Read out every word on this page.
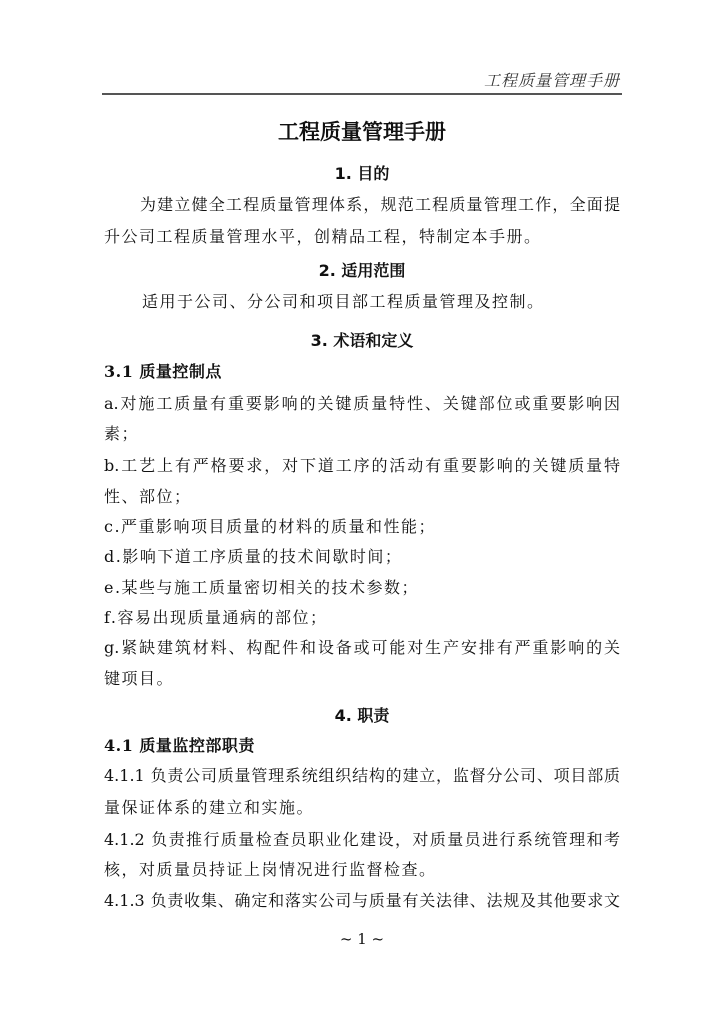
工程质量管理手册
工程质量管理手册
1. 目的
为建立健全工程质量管理体系，规范工程质量管理工作，全面提
升公司工程质量管理水平，创精品工程，特制定本手册。
2. 适用范围
适用于公司、分公司和项目部工程质量管理及控制。
3. 术语和定义
3.1 质量控制点
a.对施工质量有重要影响的关键质量特性、关键部位或重要影响因
素；
b.工艺上有严格要求，对下道工序的活动有重要影响的关键质量特
性、部位；
c.严重影响项目质量的材料的质量和性能；
d.影响下道工序质量的技术间歇时间；
e.某些与施工质量密切相关的技术参数；
f.容易出现质量通病的部位；
g.紧缺建筑材料、构配件和设备或可能对生产安排有严重影响的关
键项目。
4. 职责
4.1 质量监控部职责
4.1.1 负责公司质量管理系统组织结构的建立，监督分公司、项目部质
量保证体系的建立和实施。
4.1.2 负责推行质量检查员职业化建设，对质量员进行系统管理和考
核，对质量员持证上岗情况进行监督检查。
4.1.3 负责收集、确定和落实公司与质量有关法律、法规及其他要求文
~ 1 ~
